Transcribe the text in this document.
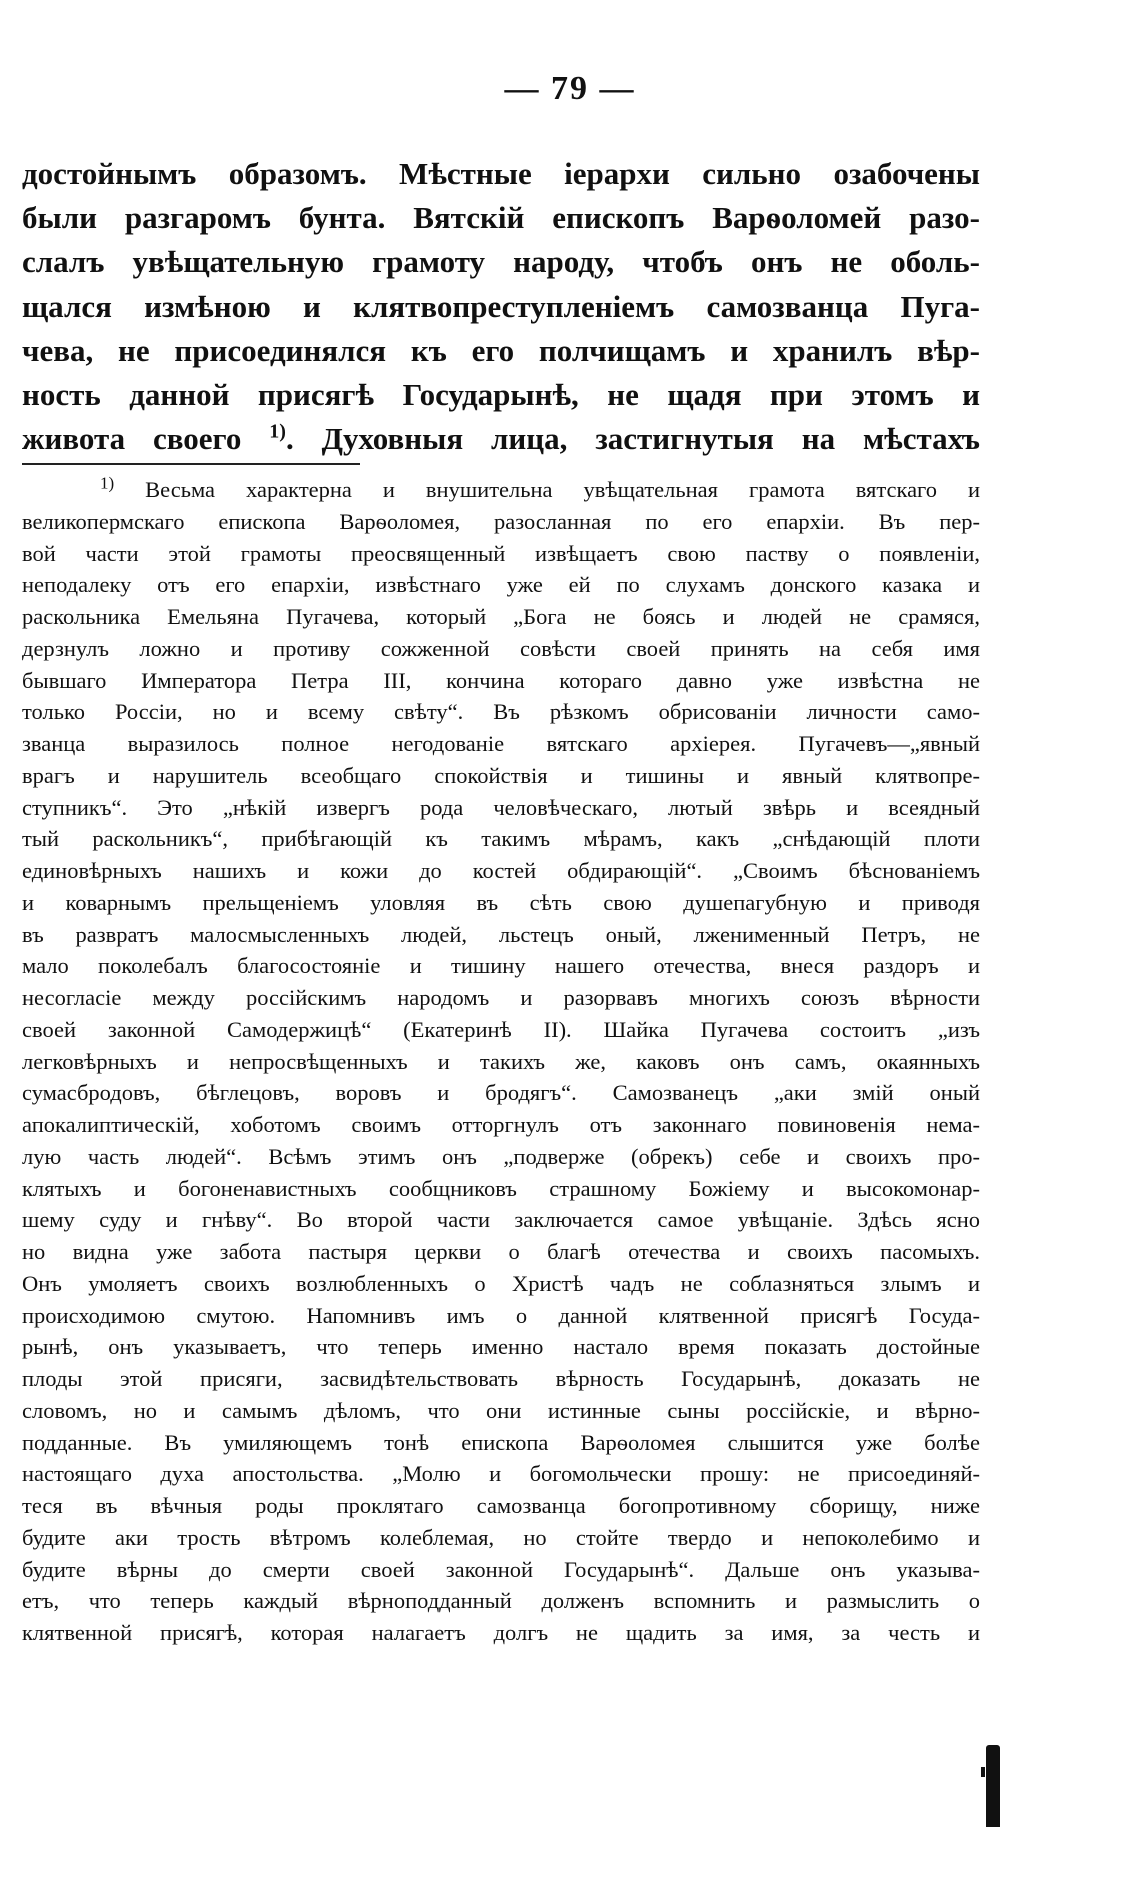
— 79 —
достойнымъ образомъ. Мѣстные іерархи сильно озабочены
были разгаромъ бунта. Вятскій епископъ Варѳоломей разо-
слалъ увѣщательную грамоту народу, чтобъ онъ не оболь-
щался измѣною и клятвопреступленіемъ самозванца Пуга-
чева, не присоединялся къ его полчищамъ и хранилъ вѣр-
ность данной присягѣ Государынѣ, не щадя при этомъ и
живота своего $^{1)}$. Духовныя лица, застигнутыя на мѣстахъ
$^{1)}$ Весьма характерна и внушительна увѣщательная грамота вятскаго и
великопермскаго епископа Варѳоломея, разосланная по его епархіи. Въ пер-
вой части этой грамоты преосвященный извѣщаетъ свою паству о появленіи,
неподалеку отъ его епархіи, извѣстнаго уже ей по слухамъ донского казака и
раскольника Емельяна Пугачева, который „Бога не боясь и людей не срамяся,
дерзнулъ ложно и противу сожженной совѣсти своей принять на себя имя
бывшаго Императора Петра III, кончина котораго давно уже извѣстна не
только Россіи, но и всему свѣту“. Въ рѣзкомъ обрисованіи личности само-
званца выразилось полное негодованіе вятскаго архіерея. Пугачевъ—„явный
врагъ и нарушитель всеобщаго спокойствія и тишины и явный клятвопре-
ступникъ“. Это „нѣкій извергъ рода человѣческаго, лютый звѣрь и всеядный
тый раскольникъ“, прибѣгающій къ такимъ мѣрамъ, какъ „снѣдающій плоти
единовѣрныхъ нашихъ и кожи до костей обдирающій“. „Своимъ бѣснованіемъ
и коварнымъ прельщеніемъ уловляя въ сѣть свою душепагубную и приводя
въ развратъ малосмысленныхъ людей, льстецъ оный, лженименный Петръ, не
мало поколебалъ благосостояніе и тишину нашего отечества, внеся раздоръ и
несогласіе между россійскимъ народомъ и разорвавъ многихъ союзъ вѣрности
своей законной Самодержицѣ“ (Екатеринѣ II). Шайка Пугачева состоитъ „изъ
легковѣрныхъ и непросвѣщенныхъ и такихъ же, каковъ онъ самъ, окаянныхъ
сумасбродовъ, бѣглецовъ, воровъ и бродягъ“. Самозванецъ „аки змій оный
апокалиптическій, хоботомъ своимъ отторгнулъ отъ законнаго повиновенія нема-
лую часть людей“. Всѣмъ этимъ онъ „подверже (обрекъ) себе и своихъ про-
клятыхъ и богоненавистныхъ сообщниковъ страшному Божіему и высокомонар-
шему суду и гнѣву“. Во второй части заключается самое увѣщаніе. Здѣсь ясно
но видна уже забота пастыря церкви о благѣ отечества и своихъ пасомыхъ.
Онъ умоляетъ своихъ возлюбленныхъ о Христѣ чадъ не соблазняться злымъ и
происходимою смутою. Напомнивъ имъ о данной клятвенной присягѣ Госуда-
рынѣ, онъ указываетъ, что теперь именно настало время показать достойные
плоды этой присяги, засвидѣтельствовать вѣрность Государынѣ, доказать не
словомъ, но и самымъ дѣломъ, что они истинные сыны россійскіе, и вѣрно-
подданные. Въ умиляющемъ тонѣ епископа Варѳоломея слышится уже болѣе
настоящаго духа апостольства. „Молю и богомольчески прошу: не присоединяй-
теся въ вѣчныя роды проклятаго самозванца богопротивному сборищу, ниже
будите аки трость вѣтромъ колеблемая, но стойте твердо и непоколебимо и
будите вѣрны до смерти своей законной Государынѣ“. Дальше онъ указыва-
етъ, что теперь каждый вѣрноподданный долженъ вспомнить и размыслить о
клятвенной присягѣ, которая налагаетъ долгъ не щадить за имя, за честь и
